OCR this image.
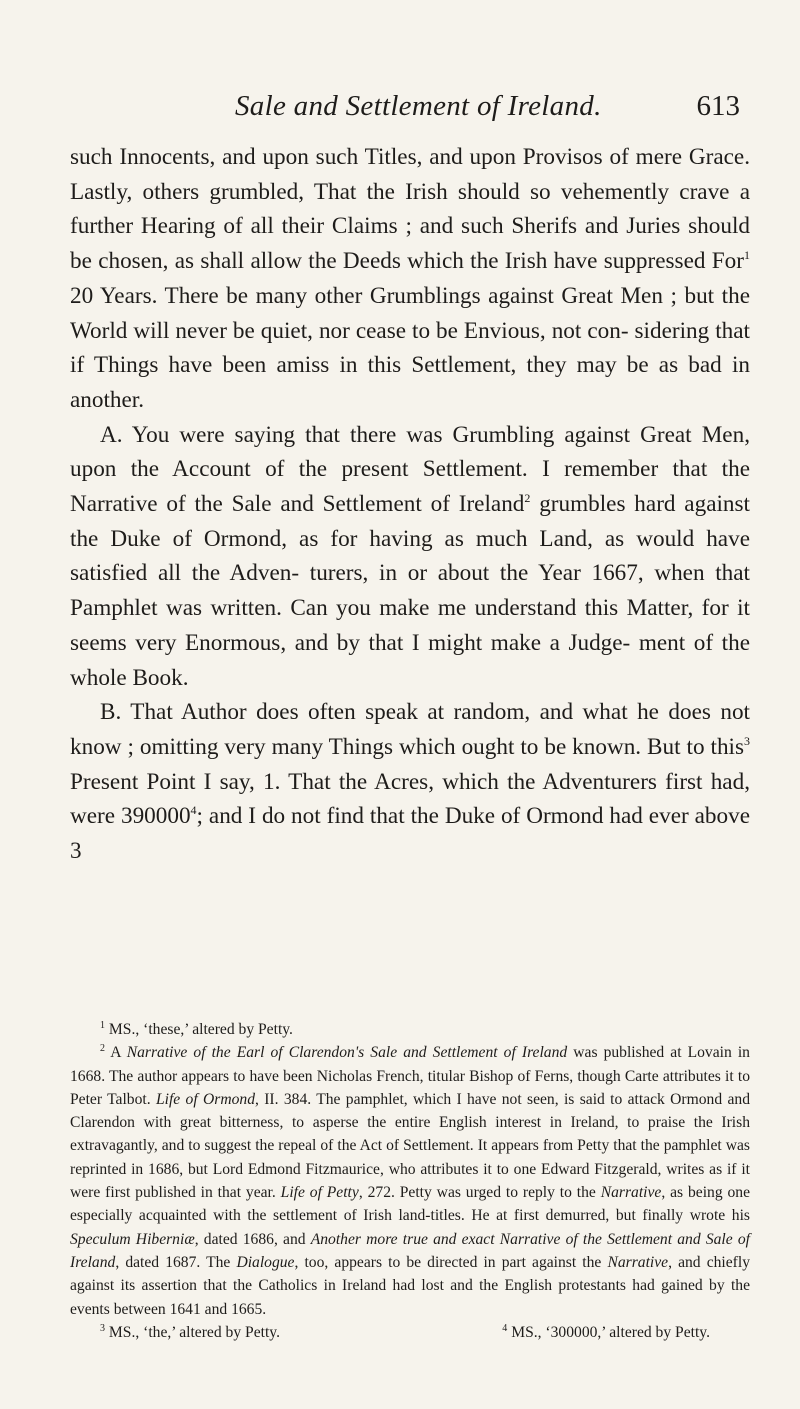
Sale and Settlement of Ireland.	613

such Innocents, and upon such Titles, and upon Provisos of mere Grace. Lastly, others grumbled, That the Irish should so vehemently crave a further Hearing of all their Claims ; and such Sherifs and Juries should be chosen, as shall allow the Deeds which the Irish have suppressed For$^1$ 20 Years. There be many other Grumblings against Great Men ; but the World will never be quiet, nor cease to be Envious, not con- sidering that if Things have been amiss in this Settlement, they may be as bad in another.

A. You were saying that there was Grumbling against Great Men, upon the Account of the present Settlement. I remember that the Narrative of the Sale and Settlement of Ireland$^2$ grumbles hard against the Duke of Ormond, as for having as much Land, as would have satisfied all the Adven- turers, in or about the Year 1667, when that Pamphlet was written. Can you make me understand this Matter, for it seems very Enormous, and by that I might make a Judge- ment of the whole Book.

B. That Author does often speak at random, and what he does not know ; omitting very many Things which ought to be known. But to this$^3$ Present Point I say, 1. That the Acres, which the Adventurers first had, were 390000$^4$; and I do not find that the Duke of Ormond had ever above 3

$^1$ MS., ‘these,’ altered by Petty.

$^2$ A Narrative of the Earl of Clarendon's Sale and Settlement of Ireland was published at Lovain in 1668. The author appears to have been Nicholas French, titular Bishop of Ferns, though Carte attributes it to Peter Talbot. Life of Ormond, II. 384. The pamphlet, which I have not seen, is said to attack Ormond and Clarendon with great bitterness, to asperse the entire English interest in Ireland, to praise the Irish extravagantly, and to suggest the repeal of the Act of Settlement. It appears from Petty that the pamphlet was reprinted in 1686, but Lord Edmond Fitzmaurice, who attributes it to one Edward Fitzgerald, writes as if it were first published in that year. Life of Petty, 272. Petty was urged to reply to the Narrative, as being one especially acquainted with the settlement of Irish land-titles. He at first demurred, but finally wrote his Speculum Hiberniæ, dated 1686, and Another more true and exact Narrative of the Settlement and Sale of Ireland, dated 1687. The Dialogue, too, appears to be directed in part against the Narrative, and chiefly against its assertion that the Catholics in Ireland had lost and the English protestants had gained by the events between 1641 and 1665.

$^3$ MS., ‘the,’ altered by Petty.	$^4$ MS., ‘300000,’ altered by Petty.
